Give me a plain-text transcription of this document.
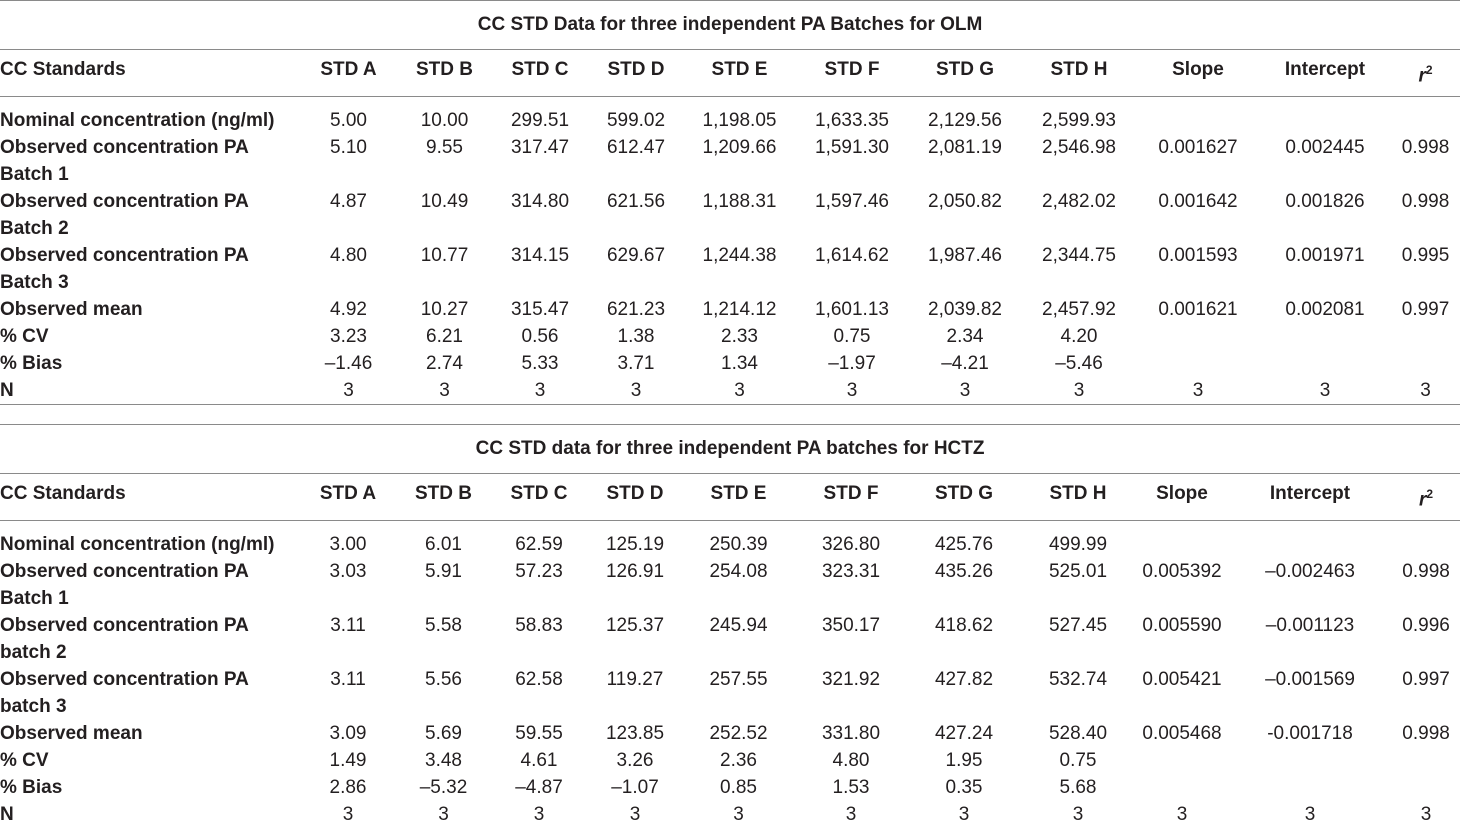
CC STD Data for three independent PA Batches for OLM											
CC Standards	STD A	STD B	STD C	STD D	STD E	STD F	STD G	STD H	Slope	Intercept	$r^2$
Nominal concentration (ng/ml)	5.00	10.00	299.51	599.02	1,198.05	1,633.35	2,129.56	2,599.93			
Observed concentration PA Batch 1	5.10	9.55	317.47	612.47	1,209.66	1,591.30	2,081.19	2,546.98	0.001627	0.002445	0.998
Observed concentration PA Batch 2	4.87	10.49	314.80	621.56	1,188.31	1,597.46	2,050.82	2,482.02	0.001642	0.001826	0.998
Observed concentration PA Batch 3	4.80	10.77	314.15	629.67	1,244.38	1,614.62	1,987.46	2,344.75	0.001593	0.001971	0.995
Observed mean	4.92	10.27	315.47	621.23	1,214.12	1,601.13	2,039.82	2,457.92	0.001621	0.002081	0.997
% CV	3.23	6.21	0.56	1.38	2.33	0.75	2.34	4.20			
% Bias	–1.46	2.74	5.33	3.71	1.34	–1.97	–4.21	–5.46			
N	3	3	3	3	3	3	3	3	3	3	3
CC STD data for three independent PA batches for HCTZ											
CC Standards	STD A	STD B	STD C	STD D	STD E	STD F	STD G	STD H	Slope	Intercept	$r^2$
Nominal concentration (ng/ml)	3.00	6.01	62.59	125.19	250.39	326.80	425.76	499.99			
Observed concentration PA Batch 1	3.03	5.91	57.23	126.91	254.08	323.31	435.26	525.01	0.005392	–0.002463	0.998
Observed concentration PA batch 2	3.11	5.58	58.83	125.37	245.94	350.17	418.62	527.45	0.005590	–0.001123	0.996
Observed concentration PA batch 3	3.11	5.56	62.58	119.27	257.55	321.92	427.82	532.74	0.005421	–0.001569	0.997
Observed mean	3.09	5.69	59.55	123.85	252.52	331.80	427.24	528.40	0.005468	-0.001718	0.998
% CV	1.49	3.48	4.61	3.26	2.36	4.80	1.95	0.75			
% Bias	2.86	–5.32	–4.87	–1.07	0.85	1.53	0.35	5.68			
N	3	3	3	3	3	3	3	3	3	3	3
